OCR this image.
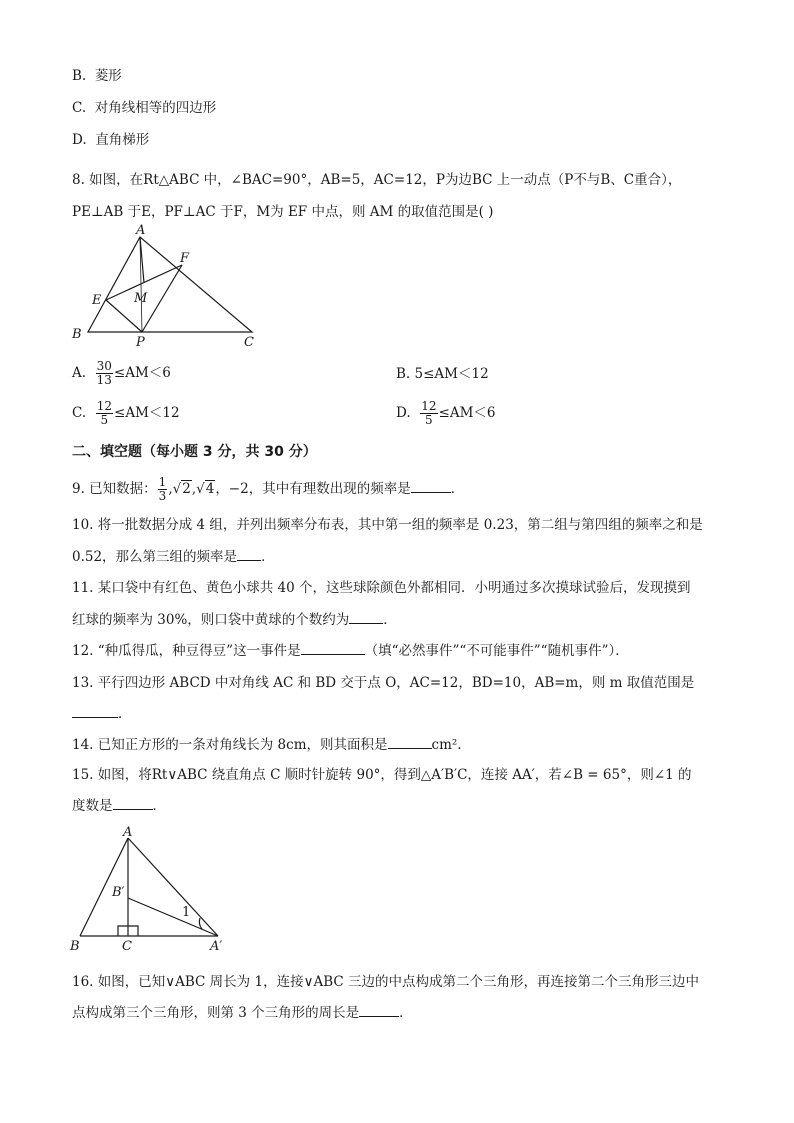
B. 菱形
C. 对角线相等的四边形
D. 直角梯形
8. 如图，在Rt△ABC 中，∠BAC=90°，AB=5，AC=12，P为边BC 上一动点（P不与B、C重合），
PE⊥AB 于E，PF⊥AC 于F，M为 EF 中点，则 AM 的取值范围是( )
A
F
E	M
B
P	C
A. $\frac{30}{13} \le AM<6$	B. 5≤AM＜12
C. $\frac{12}{5} \le AM<12$	D. $\frac{12}{5} \le AM<6$
二、填空题（每小题 3 分，共 30 分）
9. 已知数据： $\frac{1}{3} ,√2,√4$，−2，其中有理数出现的频率是	．
10. 将一批数据分成 4 组，并列出频率分布表，其中第一组的频率是 0.23，第二组与第四组的频率之和是
0.52，那么第三组的频率是 ．
11. 某口袋中有红色、黄色小球共 40 个，这些球除颜色外都相同．小明通过多次摸球试验后，发现摸到
红球的频率为 30%，则口袋中黄球的个数约为	．
12. “种瓜得瓜，种豆得豆”这一事件是	（填“必然事件”“不可能事件”“随机事件”）．
13. 平行四边形 ABCD 中对角线 AC 和 BD 交于点 O，AC=12，BD=10，AB=m，则 m 取值范围是
．
14. 已知正方形的一条对角线长为 8cm，则其面积是	cm².
15. 如图，将Rt∨ABC 绕直角点 C 顺时针旋转 90°，得到△A′B′C，连接 AA′，若∠B = 65°，则∠1 的
度数是	．
A
B′
1
B	C	A′
16. 如图，已知∨ABC 周长为 1，连接∨ABC 三边的中点构成第二个三角形，再连接第二个三角形三边中
点构成第三个三角形，则第 3 个三角形的周长是	．
